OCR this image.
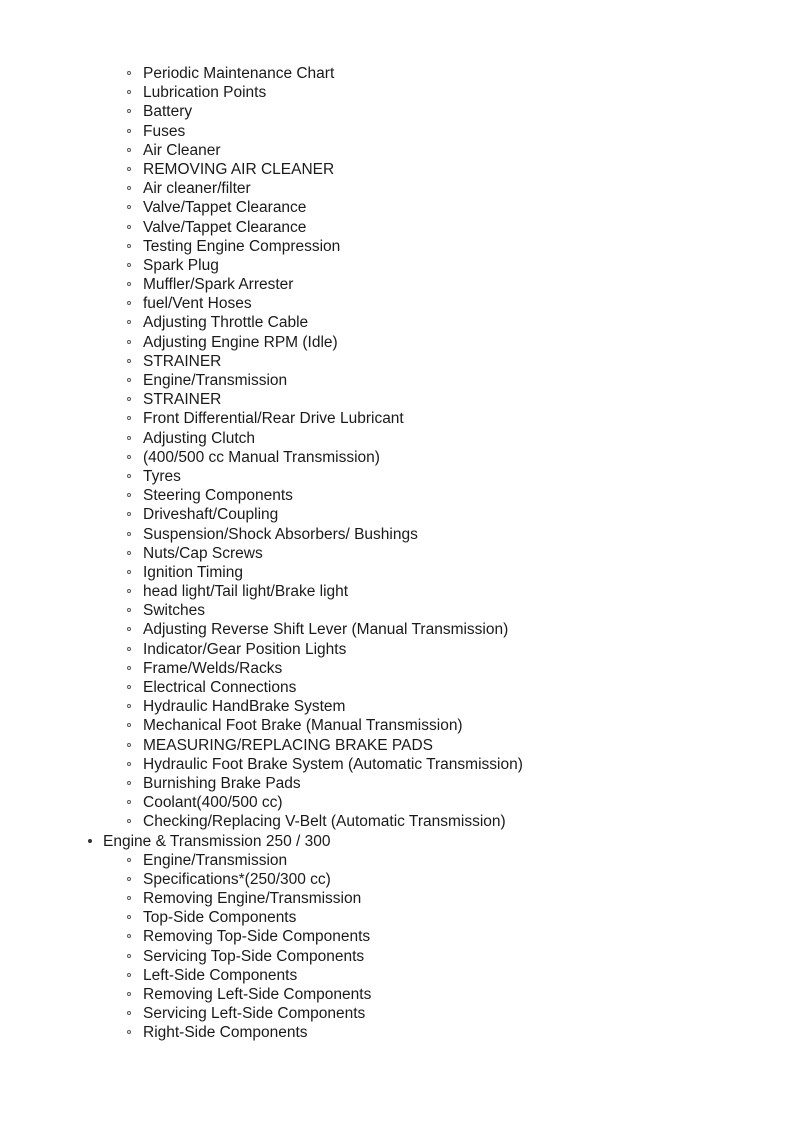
Periodic Maintenance Chart
Lubrication Points
Battery
Fuses
Air Cleaner
REMOVING AIR CLEANER
Air cleaner/filter
Valve/Tappet Clearance
Valve/Tappet Clearance
Testing Engine Compression
Spark Plug
Muffler/Spark Arrester
fuel/Vent Hoses
Adjusting Throttle Cable
Adjusting Engine RPM (Idle)
STRAINER
Engine/Transmission
STRAINER
Front Differential/Rear Drive Lubricant
Adjusting Clutch
(400/500 cc Manual Transmission)
Tyres
Steering Components
Driveshaft/Coupling
Suspension/Shock Absorbers/ Bushings
Nuts/Cap Screws
Ignition Timing
head light/Tail light/Brake light
Switches
Adjusting Reverse Shift Lever (Manual Transmission)
Indicator/Gear Position Lights
Frame/Welds/Racks
Electrical Connections
Hydraulic HandBrake System
Mechanical Foot Brake (Manual Transmission)
MEASURING/REPLACING BRAKE PADS
Hydraulic Foot Brake System (Automatic Transmission)
Burnishing Brake Pads
Coolant(400/500 cc)
Checking/Replacing V-Belt (Automatic Transmission)
Engine & Transmission 250 / 300
Engine/Transmission
Specifications*(250/300 cc)
Removing Engine/Transmission
Top-Side Components
Removing Top-Side Components
Servicing Top-Side Components
Left-Side Components
Removing Left-Side Components
Servicing Left-Side Components
Right-Side Components
